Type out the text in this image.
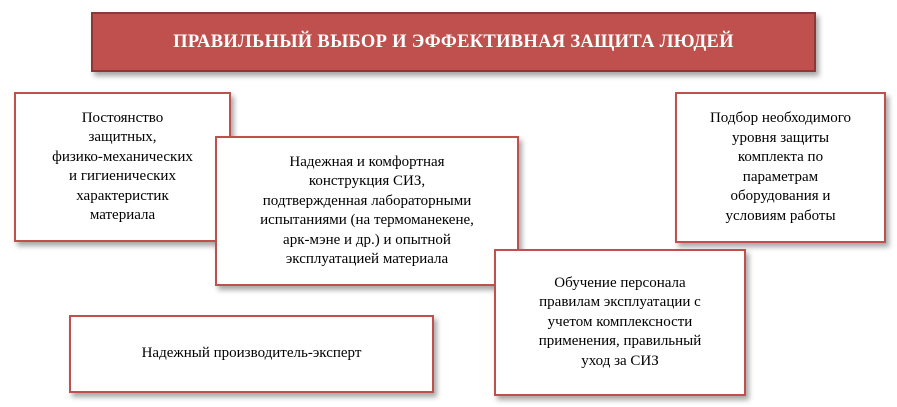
ПРАВИЛЬНЫЙ ВЫБОР И ЭФФЕКТИВНАЯ ЗАЩИТА ЛЮДЕЙ
Постоянство
защитных,
физико-механических
и гигиенических
характеристик
материала
Надежная и комфортная
конструкция СИЗ,
подтвержденная лабораторными
испытаниями (на термоманекене,
арк-мэне и др.) и опытной
эксплуатацией материала
Подбор необходимого
уровня защиты
комплекта по
параметрам
оборудования и
условиям работы
Обучение персонала
правилам эксплуатации с
учетом комплексности
применения, правильный
уход за СИЗ
Надежный производитель-эксперт
